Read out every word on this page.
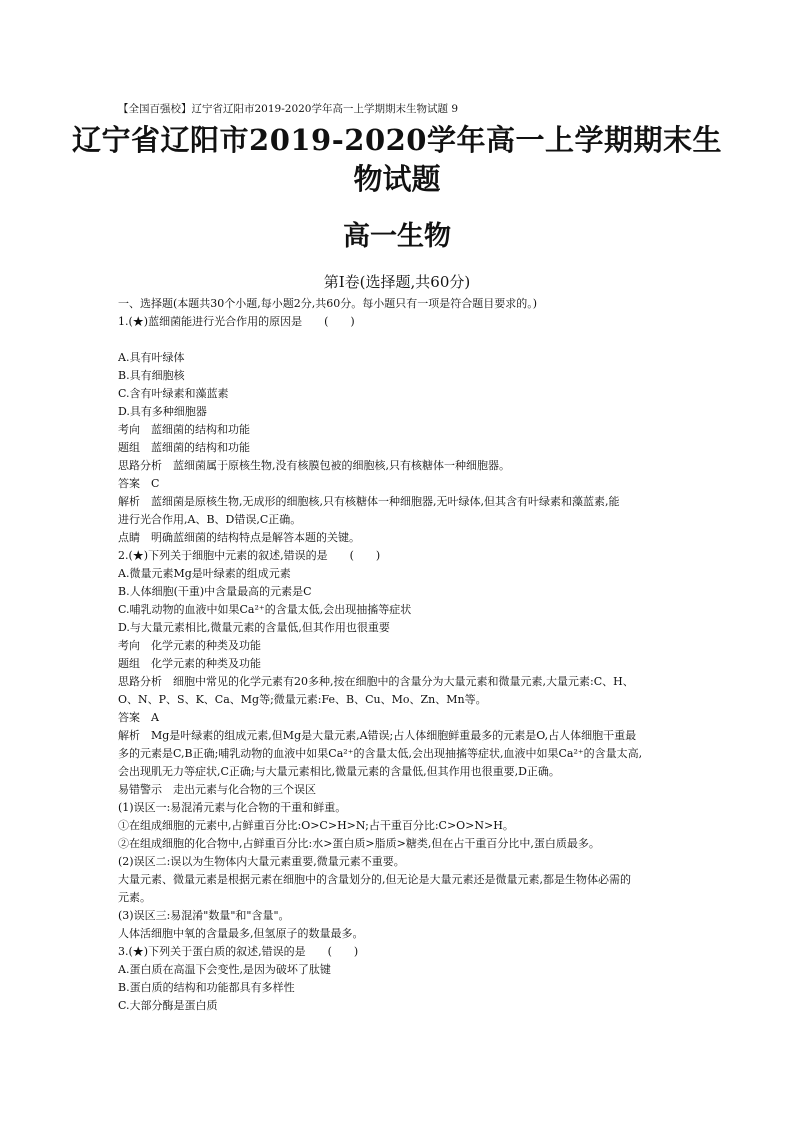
【全国百强校】辽宁省辽阳市2019-2020学年高一上学期期末生物试题 9
辽宁省辽阳市2019-2020学年高一上学期期末生
物试题
高一生物
第Ⅰ卷(选择题,共60分)
一、选择题(本题共30个小题,每小题2分,共60分。每小题只有一项是符合题目要求的。)
1.(★)蓝细菌能进行光合作用的原因是　　(　　)
A.具有叶绿体
B.具有细胞核
C.含有叶绿素和藻蓝素
D.具有多种细胞器
考向　蓝细菌的结构和功能
题组　蓝细菌的结构和功能
思路分析　蓝细菌属于原核生物,没有核膜包被的细胞核,只有核糖体一种细胞器。
答案　C
解析　蓝细菌是原核生物,无成形的细胞核,只有核糖体一种细胞器,无叶绿体,但其含有叶绿素和藻蓝素,能
进行光合作用,A、B、D错误,C正确。
点睛　明确蓝细菌的结构特点是解答本题的关键。
2.(★)下列关于细胞中元素的叙述,错误的是　　(　　)
A.微量元素Mg是叶绿素的组成元素
B.人体细胞(干重)中含量最高的元素是C
C.哺乳动物的血液中如果Ca²⁺的含量太低,会出现抽搐等症状
D.与大量元素相比,微量元素的含量低,但其作用也很重要
考向　化学元素的种类及功能
题组　化学元素的种类及功能
思路分析　细胞中常见的化学元素有20多种,按在细胞中的含量分为大量元素和微量元素,大量元素:C、H、
O、N、P、S、K、Ca、Mg等;微量元素:Fe、B、Cu、Mo、Zn、Mn等。
答案　A
解析　Mg是叶绿素的组成元素,但Mg是大量元素,A错误;占人体细胞鲜重最多的元素是O,占人体细胞干重最
多的元素是C,B正确;哺乳动物的血液中如果Ca²⁺的含量太低,会出现抽搐等症状,血液中如果Ca²⁺的含量太高,
会出现肌无力等症状,C正确;与大量元素相比,微量元素的含量低,但其作用也很重要,D正确。
易错警示　走出元素与化合物的三个误区
(1)误区一:易混淆元素与化合物的干重和鲜重。
①在组成细胞的元素中,占鲜重百分比:O>C>H>N;占干重百分比:C>O>N>H。
②在组成细胞的化合物中,占鲜重百分比:水>蛋白质>脂质>糖类,但在占干重百分比中,蛋白质最多。
(2)误区二:误以为生物体内大量元素重要,微量元素不重要。
大量元素、微量元素是根据元素在细胞中的含量划分的,但无论是大量元素还是微量元素,都是生物体必需的
元素。
(3)误区三:易混淆"数量"和"含量"。
人体活细胞中氧的含量最多,但氢原子的数量最多。
3.(★)下列关于蛋白质的叙述,错误的是　　(　　)
A.蛋白质在高温下会变性,是因为破坏了肽键
B.蛋白质的结构和功能都具有多样性
C.大部分酶是蛋白质
